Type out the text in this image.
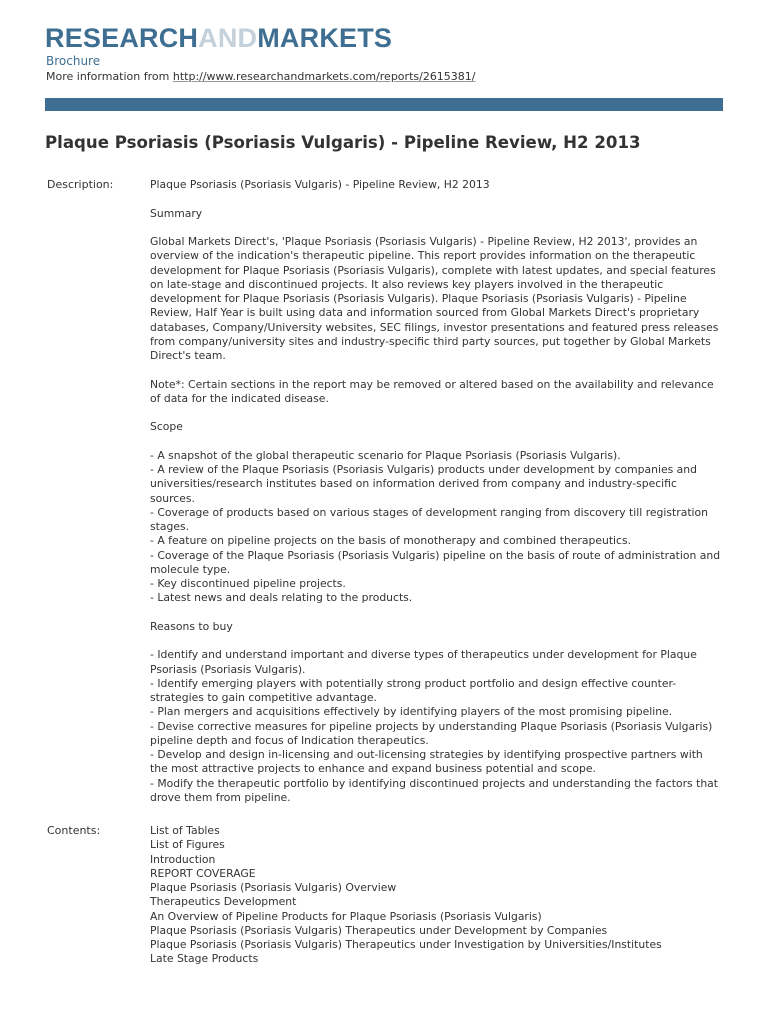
RESEARCHANDMARKETS
Brochure
More information from http://www.researchandmarkets.com/reports/2615381/
Plaque Psoriasis (Psoriasis Vulgaris) - Pipeline Review, H2 2013
Description:	Plaque Psoriasis (Psoriasis Vulgaris) - Pipeline Review, H2 2013

Summary

Global Markets Direct's, 'Plaque Psoriasis (Psoriasis Vulgaris) - Pipeline Review, H2 2013', provides an overview of the indication's therapeutic pipeline. This report provides information on the therapeutic development for Plaque Psoriasis (Psoriasis Vulgaris), complete with latest updates, and special features on late-stage and discontinued projects. It also reviews key players involved in the therapeutic development for Plaque Psoriasis (Psoriasis Vulgaris). Plaque Psoriasis (Psoriasis Vulgaris) - Pipeline Review, Half Year is built using data and information sourced from Global Markets Direct's proprietary databases, Company/University websites, SEC filings, investor presentations and featured press releases from company/university sites and industry-specific third party sources, put together by Global Markets Direct's team.

Note*: Certain sections in the report may be removed or altered based on the availability and relevance of data for the indicated disease.

Scope

- A snapshot of the global therapeutic scenario for Plaque Psoriasis (Psoriasis Vulgaris).
- A review of the Plaque Psoriasis (Psoriasis Vulgaris) products under development by companies and universities/research institutes based on information derived from company and industry-specific sources.
- Coverage of products based on various stages of development ranging from discovery till registration stages.
- A feature on pipeline projects on the basis of monotherapy and combined therapeutics.
- Coverage of the Plaque Psoriasis (Psoriasis Vulgaris) pipeline on the basis of route of administration and molecule type.
- Key discontinued pipeline projects.
- Latest news and deals relating to the products.

Reasons to buy

- Identify and understand important and diverse types of therapeutics under development for Plaque Psoriasis (Psoriasis Vulgaris).
- Identify emerging players with potentially strong product portfolio and design effective counter-strategies to gain competitive advantage.
- Plan mergers and acquisitions effectively by identifying players of the most promising pipeline.
- Devise corrective measures for pipeline projects by understanding Plaque Psoriasis (Psoriasis Vulgaris) pipeline depth and focus of Indication therapeutics.
- Develop and design in-licensing and out-licensing strategies by identifying prospective partners with the most attractive projects to enhance and expand business potential and scope.
- Modify the therapeutic portfolio by identifying discontinued projects and understanding the factors that drove them from pipeline.

Contents:	List of Tables
List of Figures
Introduction
REPORT COVERAGE
Plaque Psoriasis (Psoriasis Vulgaris) Overview
Therapeutics Development
An Overview of Pipeline Products for Plaque Psoriasis (Psoriasis Vulgaris)
Plaque Psoriasis (Psoriasis Vulgaris) Therapeutics under Development by Companies
Plaque Psoriasis (Psoriasis Vulgaris) Therapeutics under Investigation by Universities/Institutes
Late Stage Products
